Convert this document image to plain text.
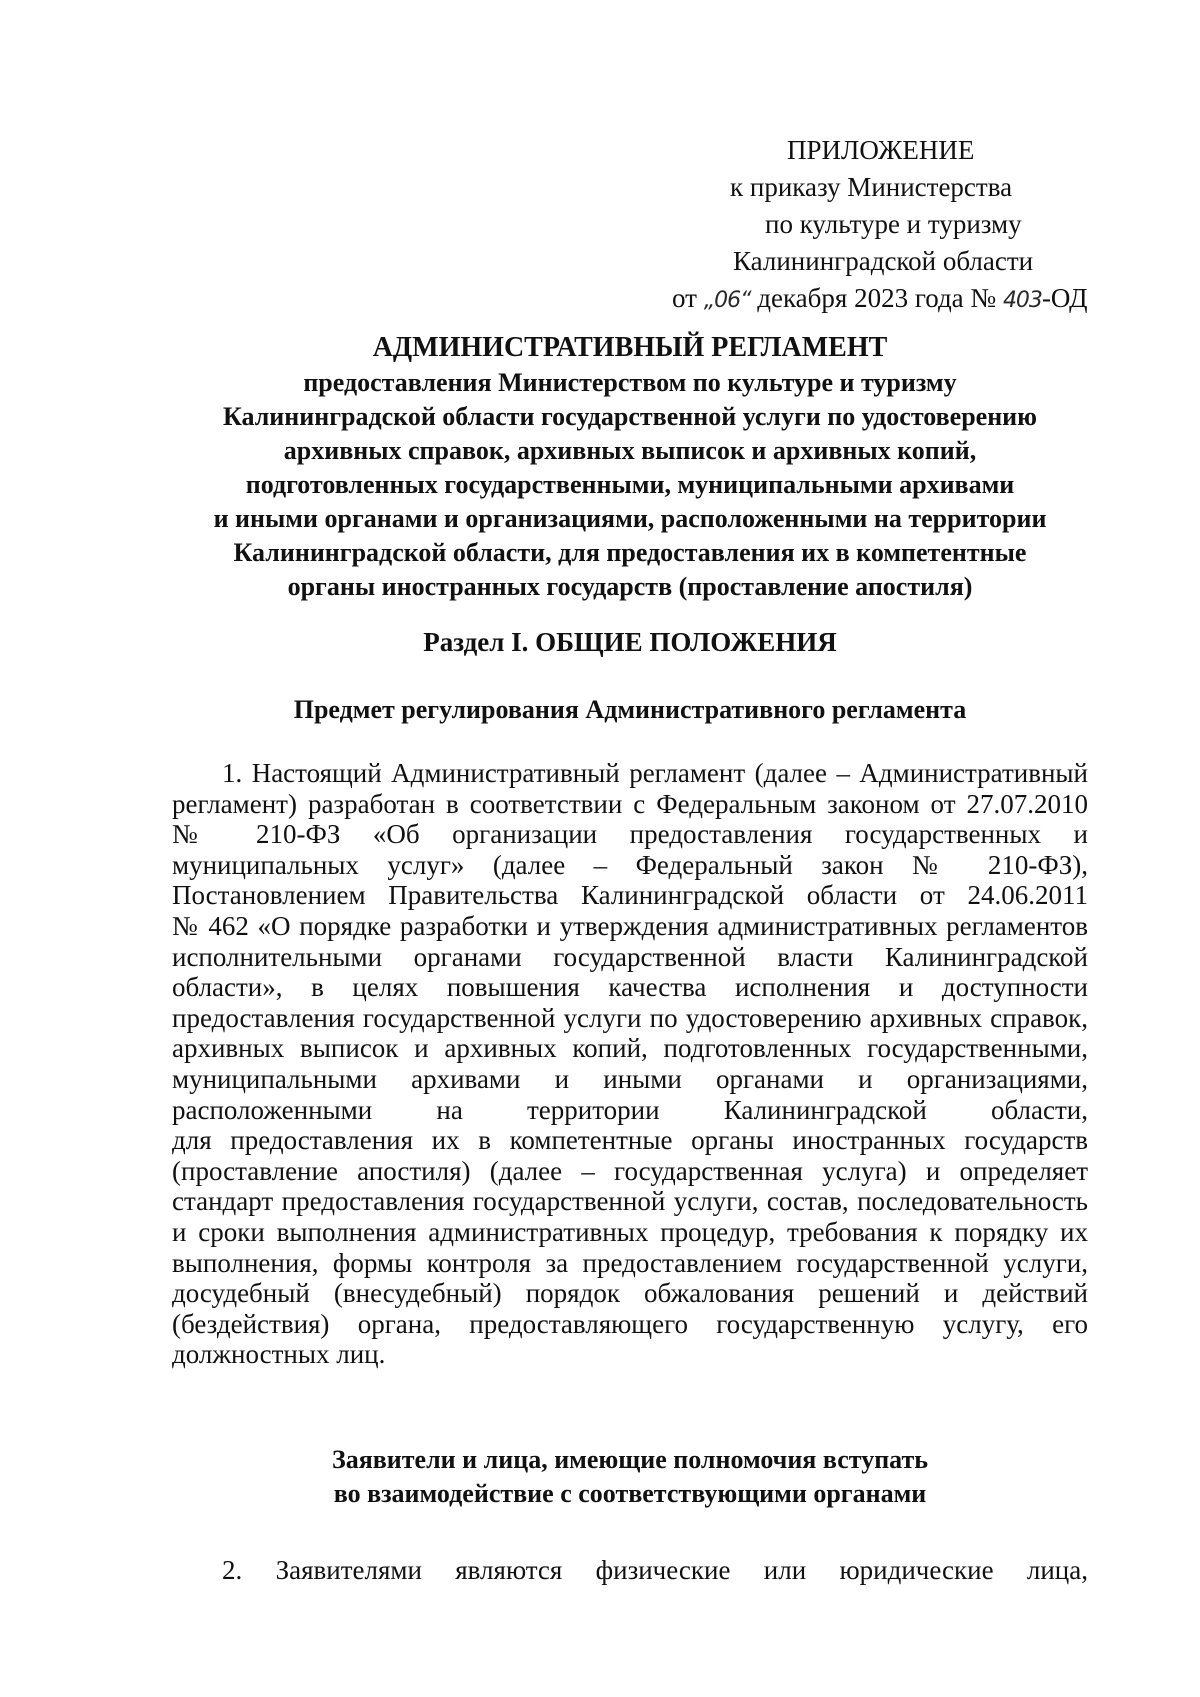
ПРИЛОЖЕНИЕ
к приказу Министерства
по культуре и туризму
Калининградской области
от „06“ декабря 2023 года № 403-ОД

АДМИНИСТРАТИВНЫЙ РЕГЛАМЕНТ

предоставления Министерством по культуре и туризму
Калининградской области государственной услуги по удостоверению
архивных справок, архивных выписок и архивных копий,
подготовленных государственными, муниципальными архивами
и иными органами и организациями, расположенными на территории
Калининградской области, для предоставления их в компетентные
органы иностранных государств (проставление апостиля)

Раздел I. ОБЩИЕ ПОЛОЖЕНИЯ

Предмет регулирования Административного регламента

1. Настоящий Административный регламент (далее – Административный
регламент) разработан в соответствии с Федеральным законом от 27.07.2010
№ 210-ФЗ «Об организации предоставления государственных и
муниципальных услуг» (далее – Федеральный закон № 210-ФЗ),
Постановлением Правительства Калининградской области от 24.06.2011
№ 462 «О порядке разработки и утверждения административных регламентов
исполнительными органами государственной власти Калининградской
области», в целях повышения качества исполнения и доступности
предоставления государственной услуги по удостоверению архивных справок,
архивных выписок и архивных копий, подготовленных государственными,
муниципальными архивами и иными органами и организациями,
расположенными на территории Калининградской области,
для предоставления их в компетентные органы иностранных государств
(проставление апостиля) (далее – государственная услуга) и определяет
стандарт предоставления государственной услуги, состав, последовательность
и сроки выполнения административных процедур, требования к порядку их
выполнения, формы контроля за предоставлением государственной услуги,
досудебный (внесудебный) порядок обжалования решений и действий
(бездействия) органа, предоставляющего государственную услугу, его
должностных лиц.

Заявители и лица, имеющие полномочия вступать
во взаимодействие с соответствующими органами

2. Заявителями являются физические или юридические лица,
